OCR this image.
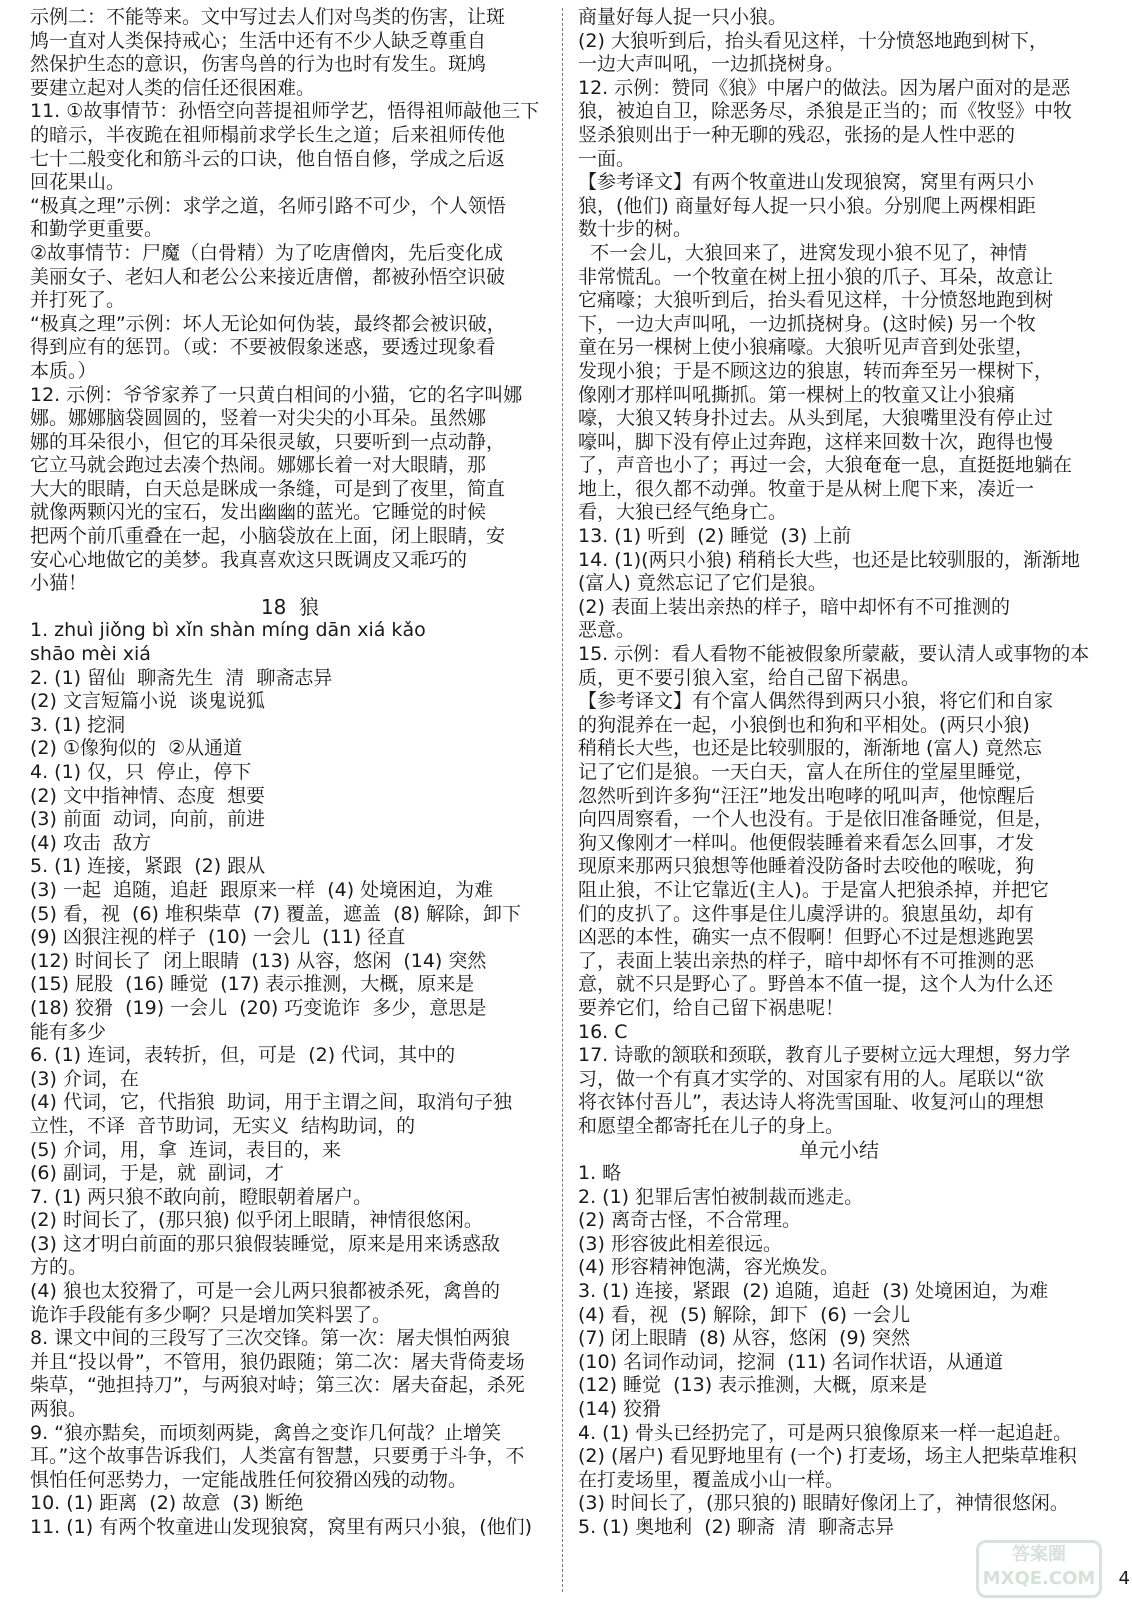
示例二：不能等来。文中写过去人们对鸟类的伤害，让斑
鸠一直对人类保持戒心；生活中还有不少人缺乏尊重自
然保护生态的意识，伤害鸟兽的行为也时有发生。斑鸠
要建立起对人类的信任还很困难。
11. ①故事情节：孙悟空向菩提祖师学艺，悟得祖师敲他三下
的暗示，半夜跪在祖师榻前求学长生之道；后来祖师传他
七十二般变化和筋斗云的口诀，他自悟自修，学成之后返
回花果山。
“极真之理”示例：求学之道，名师引路不可少，个人领悟
和勤学更重要。
②故事情节：尸魔（白骨精）为了吃唐僧肉，先后变化成
美丽女子、老妇人和老公公来接近唐僧，都被孙悟空识破
并打死了。
“极真之理”示例：坏人无论如何伪装，最终都会被识破，
得到应有的惩罚。（或：不要被假象迷惑，要透过现象看
本质。）
12. 示例：爷爷家养了一只黄白相间的小猫，它的名字叫娜
娜。娜娜脑袋圆圆的，竖着一对尖尖的小耳朵。虽然娜
娜的耳朵很小，但它的耳朵很灵敏，只要听到一点动静，
它立马就会跑过去凑个热闹。娜娜长着一对大眼睛，那
大大的眼睛，白天总是眯成一条缝，可是到了夜里，简直
就像两颗闪光的宝石，发出幽幽的蓝光。它睡觉的时候
把两个前爪重叠在一起，小脑袋放在上面，闭上眼睛，安
安心心地做它的美梦。我真喜欢这只既调皮又乖巧的
小猫！
18  狼
1. zhuì jiǒng bì xǐn shàn míng dān xiá kǎo
shāo mèi xiá
2. (1) 留仙  聊斋先生  清  聊斋志异
(2) 文言短篇小说  谈鬼说狐
3. (1) 挖洞
(2) ①像狗似的  ②从通道
4. (1) 仅，只  停止，停下
(2) 文中指神情、态度  想要
(3) 前面  动词，向前，前进
(4) 攻击  敌方
5. (1) 连接，紧跟  (2) 跟从
(3) 一起  追随，追赶  跟原来一样  (4) 处境困迫，为难
(5) 看，视  (6) 堆积柴草  (7) 覆盖，遮盖  (8) 解除，卸下
(9) 凶狠注视的样子  (10) 一会儿  (11) 径直
(12) 时间长了  闭上眼睛  (13) 从容，悠闲  (14) 突然
(15) 屁股  (16) 睡觉  (17) 表示推测，大概，原来是
(18) 狡猾  (19) 一会儿  (20) 巧变诡诈  多少，意思是
能有多少
6. (1) 连词，表转折，但，可是  (2) 代词，其中的
(3) 介词，在
(4) 代词，它，代指狼  助词，用于主谓之间，取消句子独
立性，不译  音节助词，无实义  结构助词，的
(5) 介词，用，拿  连词，表目的，来
(6) 副词，于是，就  副词，才
7. (1) 两只狼不敢向前，瞪眼朝着屠户。
(2) 时间长了，(那只狼) 似乎闭上眼睛，神情很悠闲。
(3) 这才明白前面的那只狼假装睡觉，原来是用来诱惑敌
方的。
(4) 狼也太狡猾了，可是一会儿两只狼都被杀死，禽兽的
诡诈手段能有多少啊？只是增加笑料罢了。
8. 课文中间的三段写了三次交锋。第一次：屠夫惧怕两狼
并且“投以骨”，不管用，狼仍跟随；第二次：屠夫背倚麦场
柴草，“弛担持刀”，与两狼对峙；第三次：屠夫奋起，杀死
两狼。
9. “狼亦黠矣，而顷刻两毙，禽兽之变诈几何哉？止增笑
耳。”这个故事告诉我们，人类富有智慧，只要勇于斗争，不
惧怕任何恶势力，一定能战胜任何狡猾凶残的动物。
10. (1) 距离  (2) 故意  (3) 断绝
11. (1) 有两个牧童进山发现狼窝，窝里有两只小狼，(他们)
商量好每人捉一只小狼。
(2) 大狼听到后，抬头看见这样，十分愤怒地跑到树下，
一边大声叫吼，一边抓挠树身。
12. 示例：赞同《狼》中屠户的做法。因为屠户面对的是恶
狼，被迫自卫，除恶务尽，杀狼是正当的；而《牧竖》中牧
竖杀狼则出于一种无聊的残忍，张扬的是人性中恶的
一面。
【参考译文】有两个牧童进山发现狼窝，窝里有两只小
狼，(他们) 商量好每人捉一只小狼。分别爬上两棵相距
数十步的树。
不一会儿，大狼回来了，进窝发现小狼不见了，神情
非常慌乱。一个牧童在树上扭小狼的爪子、耳朵，故意让
它痛嚎；大狼听到后，抬头看见这样，十分愤怒地跑到树
下，一边大声叫吼，一边抓挠树身。(这时候) 另一个牧
童在另一棵树上使小狼痛嚎。大狼听见声音到处张望，
发现小狼；于是不顾这边的狼崽，转而奔至另一棵树下，
像刚才那样叫吼撕抓。第一棵树上的牧童又让小狼痛
嚎，大狼又转身扑过去。从头到尾，大狼嘴里没有停止过
嚎叫，脚下没有停止过奔跑，这样来回数十次，跑得也慢
了，声音也小了；再过一会，大狼奄奄一息，直挺挺地躺在
地上，很久都不动弹。牧童于是从树上爬下来，凑近一
看，大狼已经气绝身亡。
13. (1) 听到  (2) 睡觉  (3) 上前
14. (1)(两只小狼) 稍稍长大些，也还是比较驯服的，渐渐地
(富人) 竟然忘记了它们是狼。
(2) 表面上装出亲热的样子，暗中却怀有不可推测的
恶意。
15. 示例：看人看物不能被假象所蒙蔽，要认清人或事物的本
质，更不要引狼入室，给自己留下祸患。
【参考译文】有个富人偶然得到两只小狼，将它们和自家
的狗混养在一起，小狼倒也和狗和平相处。(两只小狼)
稍稍长大些，也还是比较驯服的，渐渐地 (富人) 竟然忘
记了它们是狼。一天白天，富人在所住的堂屋里睡觉，
忽然听到许多狗“汪汪”地发出咆哮的吼叫声，他惊醒后
向四周察看，一个人也没有。于是依旧准备睡觉，但是，
狗又像刚才一样叫。他便假装睡着来看怎么回事，才发
现原来那两只狼想等他睡着没防备时去咬他的喉咙，狗
阻止狼，不让它靠近(主人)。于是富人把狼杀掉，并把它
们的皮扒了。这件事是住儿虞浮讲的。狼崽虽幼，却有
凶恶的本性，确实一点不假啊！但野心不过是想逃跑罢
了，表面上装出亲热的样子，暗中却怀有不可推测的恶
意，就不只是野心了。野兽本不值一提，这个人为什么还
要养它们，给自己留下祸患呢！
16. C
17. 诗歌的颔联和颈联，教育儿子要树立远大理想，努力学
习，做一个有真才实学的、对国家有用的人。尾联以“欲
将衣钵付吾儿”，表达诗人将洗雪国耻、收复河山的理想
和愿望全都寄托在儿子的身上。
单元小结
1. 略
2. (1) 犯罪后害怕被制裁而逃走。
(2) 离奇古怪，不合常理。
(3) 形容彼此相差很远。
(4) 形容精神饱满，容光焕发。
3. (1) 连接，紧跟  (2) 追随，追赶  (3) 处境困迫，为难
(4) 看，视  (5) 解除，卸下  (6) 一会儿
(7) 闭上眼睛  (8) 从容，悠闲  (9) 突然
(10) 名词作动词，挖洞  (11) 名词作状语，从通道
(12) 睡觉  (13) 表示推测，大概，原来是
(14) 狡猾
4. (1) 骨头已经扔完了，可是两只狼像原来一样一起追赶。
(2) (屠户) 看见野地里有 (一个) 打麦场，场主人把柴草堆积
在打麦场里，覆盖成小山一样。
(3) 时间长了，(那只狼的) 眼睛好像闭上了，神情很悠闲。
5. (1) 奥地利  (2) 聊斋  清  聊斋志异
答案圈
MXQE.COM	4
